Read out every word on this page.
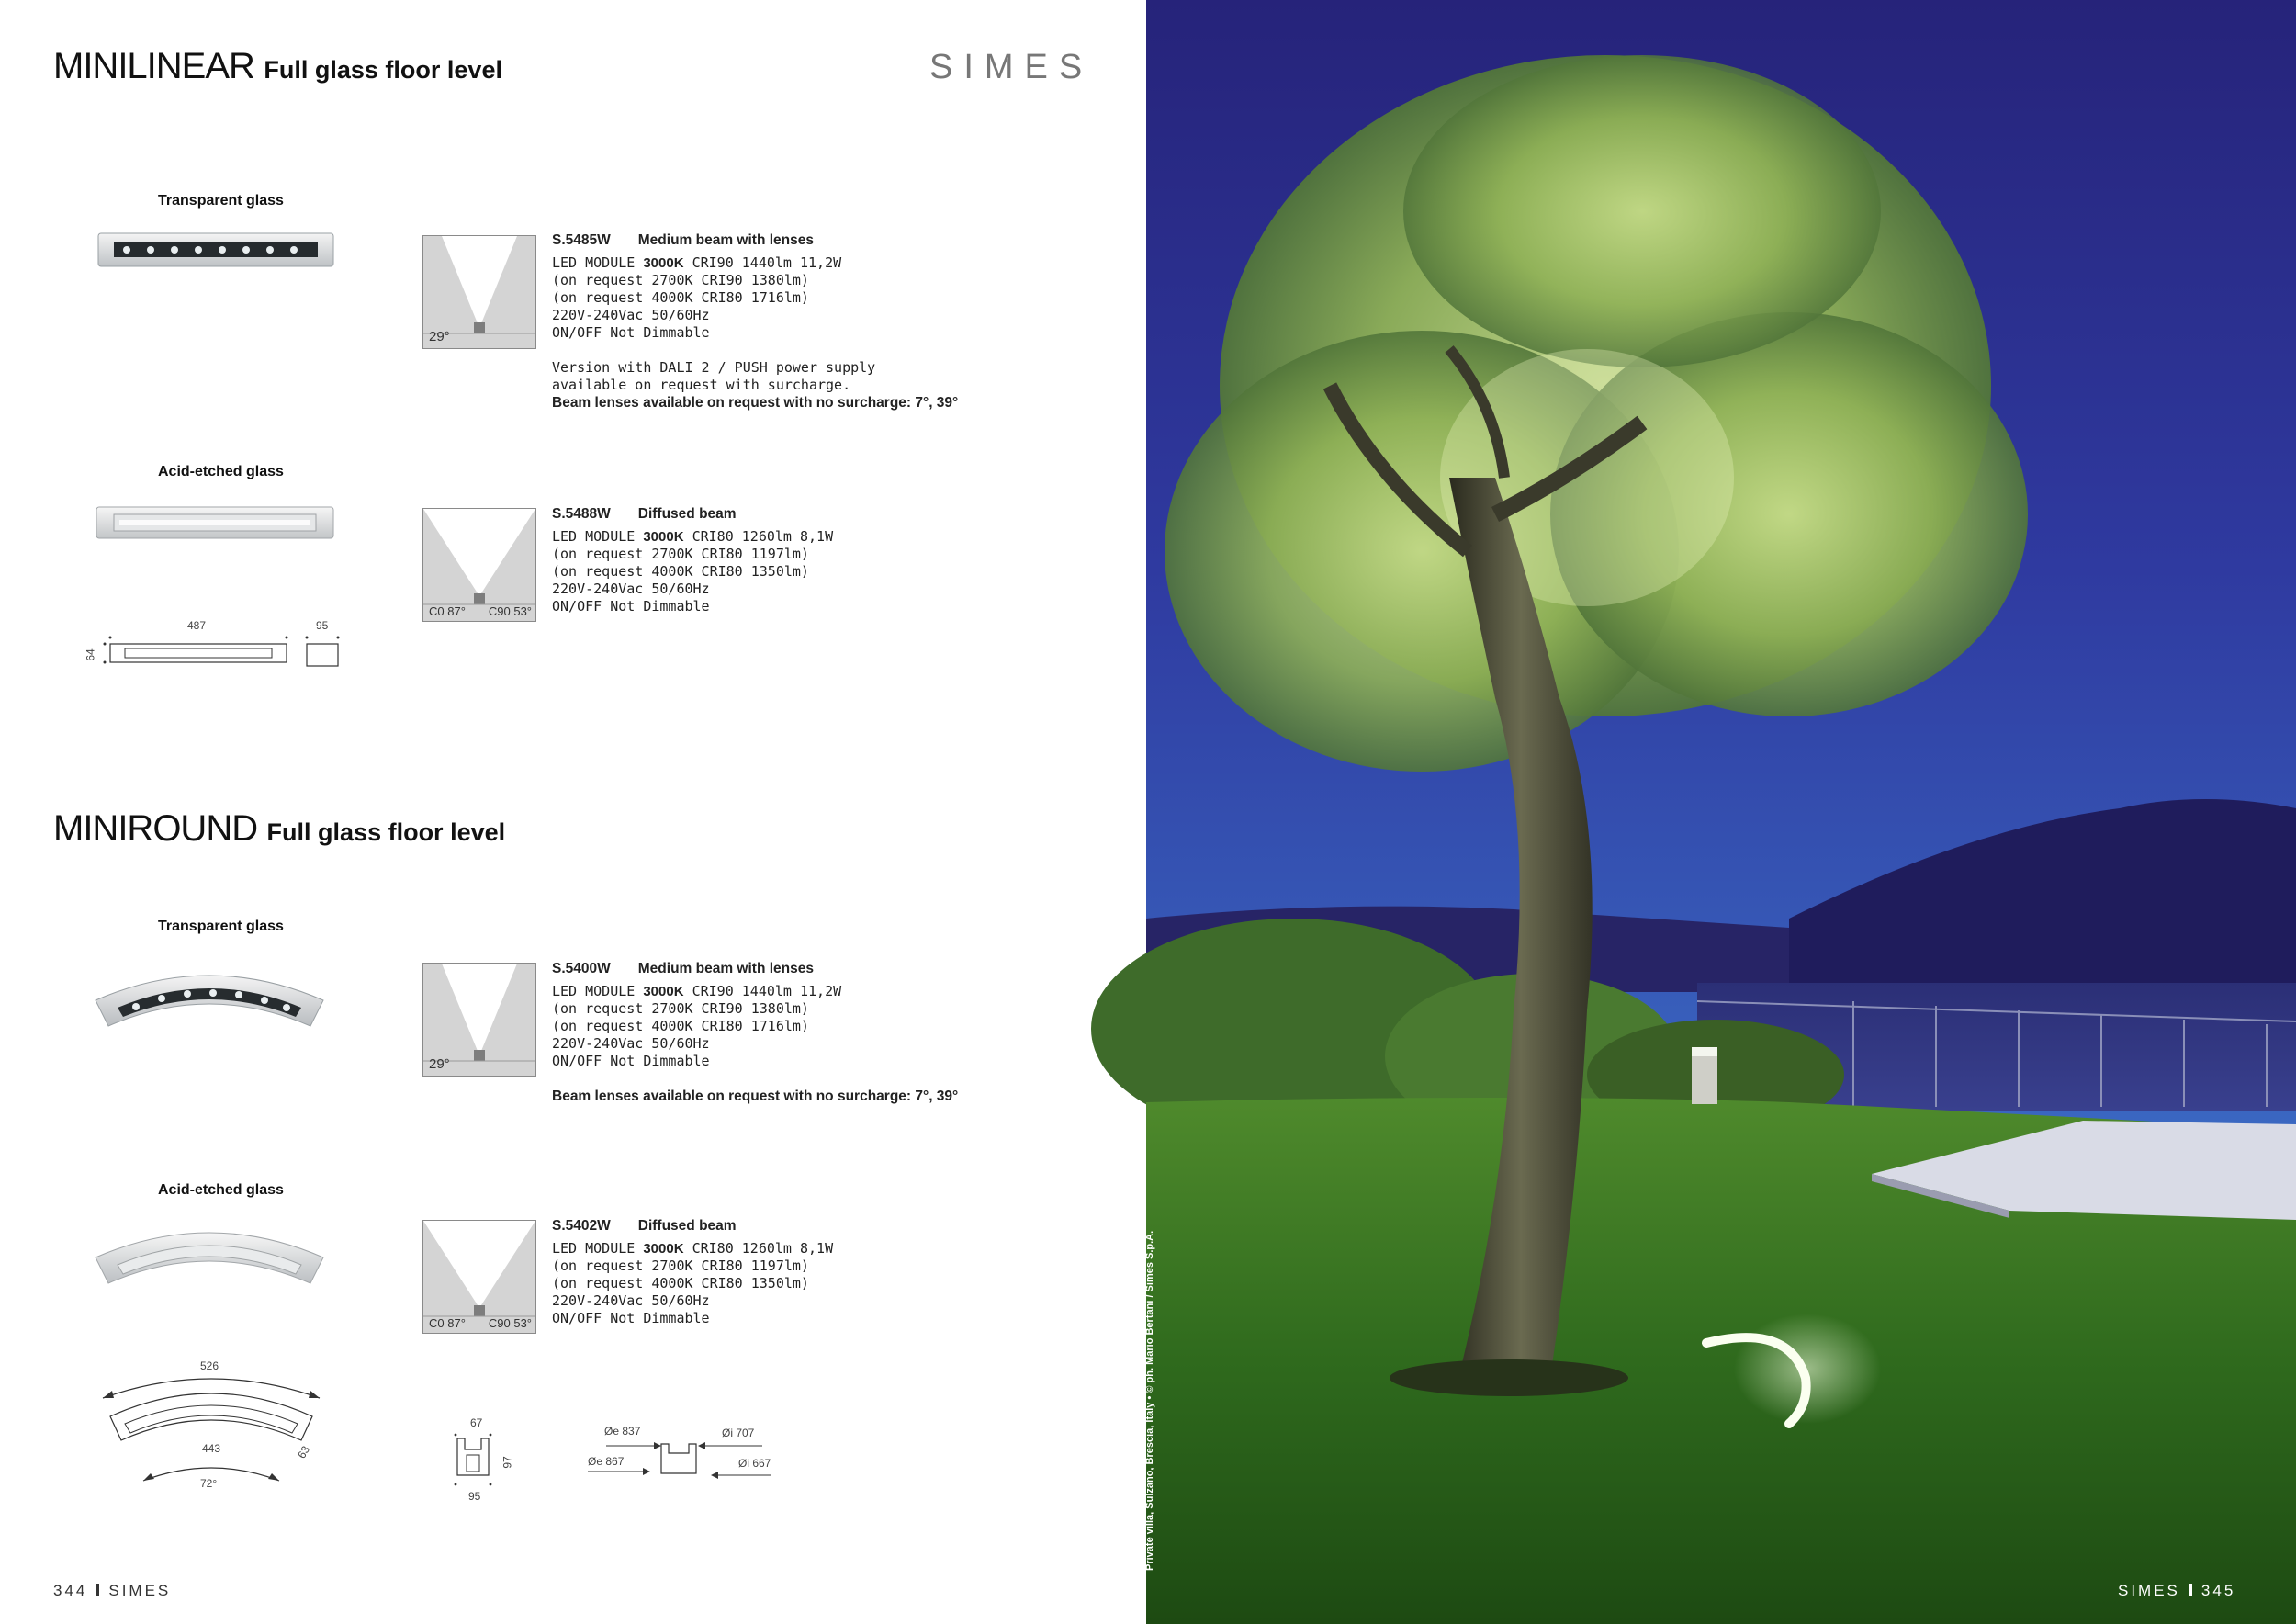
MINILINEAR Full glass floor level	SIMES
Transparent glass
29°
S.5485W Medium beam with lenses
LED MODULE 3000K CRI90 1440lm 11,2W
(on request 2700K CRI90 1380lm)
(on request 4000K CRI80 1716lm)
220V-240Vac 50/60Hz
ON/OFF Not Dimmable
Version with DALI 2 / PUSH power supply
available on request with surcharge.
Beam lenses available on request with no surcharge: 7°, 39°
Acid-etched glass
C0 87° C90 53°
S.5488W Diffused beam
LED MODULE 3000K CRI80 1260lm 8,1W
(on request 2700K CRI80 1197lm)
(on request 4000K CRI80 1350lm)
220V-240Vac 50/60Hz
ON/OFF Not Dimmable
487	95
64
MINIROUND Full glass floor level
Transparent glass
29°
S.5400W Medium beam with lenses
LED MODULE 3000K CRI90 1440lm 11,2W
(on request 2700K CRI90 1380lm)
(on request 4000K CRI80 1716lm)
220V-240Vac 50/60Hz
ON/OFF Not Dimmable
Beam lenses available on request with no surcharge: 7°, 39°
Acid-etched glass
C0 87° C90 53°
S.5402W Diffused beam
LED MODULE 3000K CRI80 1260lm 8,1W
(on request 2700K CRI80 1197lm)
(on request 4000K CRI80 1350lm)
220V-240Vac 50/60Hz
ON/OFF Not Dimmable
526
443	63
72°
67
97
95
Øe 837
Øe 867
Øi 707
Øi 667
344 SIMES
Private villa, Sulzano, Brescia, Italy • © ph. Mario Bertani / Simes S.p.A.
SIMES 345
